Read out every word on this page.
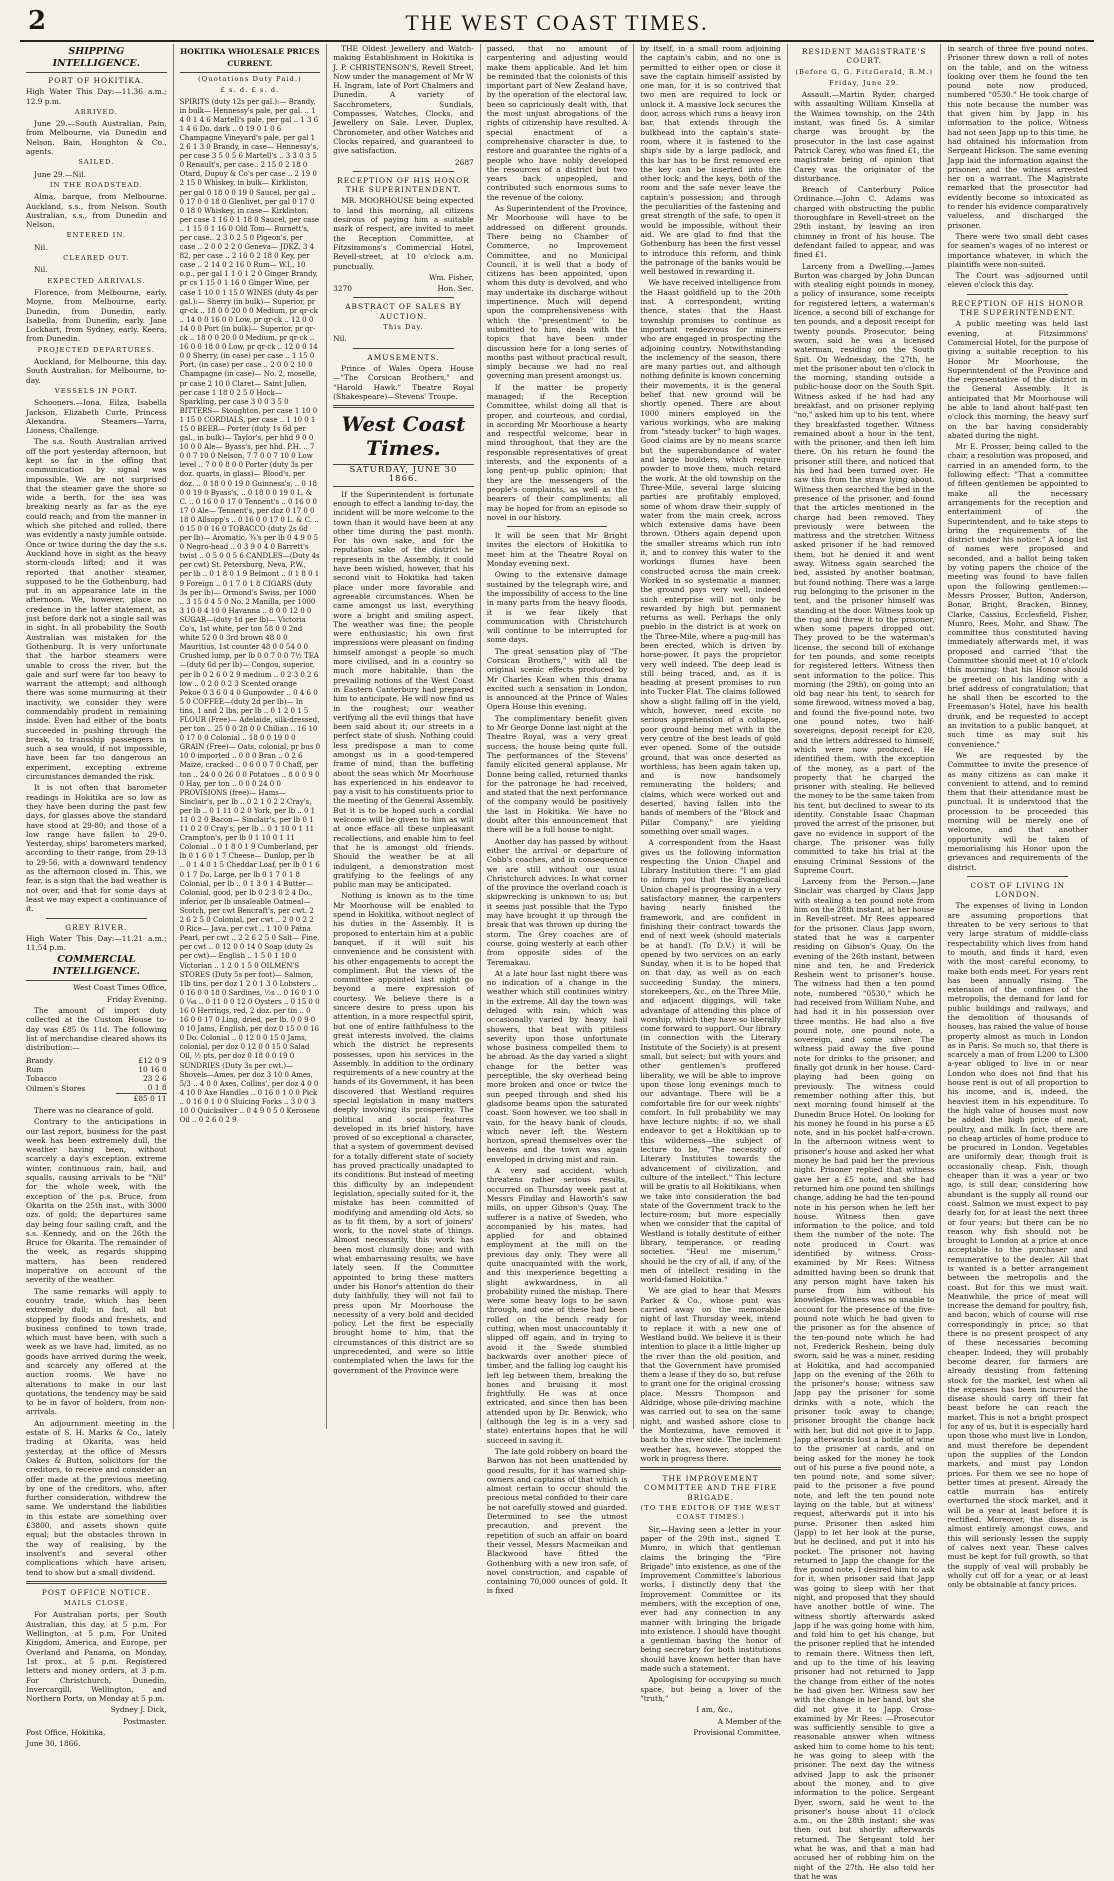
2	THE WEST COAST TIMES.
SHIPPING INTELLIGENCE.
PORT OF HOKITIKA.

High Water This Day:—11.36 a.m.; 12.9 p.m.

ARRIVED.

June 29.—South Australian, Pain, from Melbourne, via Dunedin and Nelson. Bain, Houghton & Co., agents.

SAILED.

June 29.—Nil.

IN THE ROADSTEAD.

Alma, barque, from Melbourne. Auckland, s.s., from Nelson. South Australian, s.s., from Dunedin and Nelson.

ENTERED IN.

Nil.

CLEARED OUT.

Nil.

EXPECTED ARRIVALS.

Florence, from Melbourne, early. Moyne, from Melbourne, early. Dunedin, from Dunedin, early. Isabella, from Dunedin, early. Jane Lockhart, from Sydney, early. Keera, from Dunedin.

PROJECTED DEPARTURES.

Auckland, for Melbourne, this day. South Australian, for Melbourne, to-day.

VESSELS IN PORT.

Schooners.—Iona, Eilza, Isabella Jackson, Elizabeth Curle, Princess Alexandra. Steamers—Yarra, Lioness, Challenge.

The s.s. South Australian arrived off the port yesterday afternoon, but kept so far in the offing that communication by signal was impossible. We are not surprised that the steamer gave the shore so wide a berth, for the sea was breaking nearly as far as the eye could reach; and from the manner in which she pitched and rolled, there was evidently a nasty jumble outside. Once or twice during the day the s.s. Auckland hove in sight as the heavy storm-clouds lifted; and it was reported that another steamer, supposed to be the Gothenburg, had put in an appearance late in the afternoon. We, however, place no credence in the latter statement, as just before dark not a single sail was in sight. In all probability the South Australian was mistaken for the Gothenburg. It is very unfortunate that the harbor steamers were unable to cross the river, but the gale and surf were far too heavy to warrant the attempt; and although there was some murmuring at their inactivity, we consider they were commendably prudent in remaining inside. Even had either of the boats succeeded in pushing through the break, to transship passengers in such a sea would, if not impossible, have been far too dangerous an experiment, excepting extreme circumstances demanded the risk.

It is not often that barometer readings in Hokitika are so low as they have been during the past few days, for glasses above the standard have stood at 29·80; and those of a low range have fallen to 29·0. Yesterday, ships' barometers marked, according to their range, from 29·13 to 29·56, with a downward tendency as the afternoon closed in. This, we fear, is a sign that the bad weather is not over, and that for some days at least we may expect a continuance of it.

GREY RIVER.

High Water This Day:—11.21 a.m.; 11.54 p.m.

COMMERCIAL INTELLIGENCE.

West Coast Times Office,

Friday Evening.

The amount of import duty collected at the Custom House to-day was £85 0s 11d. The following list of merchandise cleared shows its distribution:—

Brandy	£12 0 9
Rum	10 16 0
Tobacco	23 2 6
Oilmen's Stores	0 1 8
	£85 0 11

There was no clearance of gold.

Contrary to the anticipations in our last report, business for the past week has been extremely dull, the weather having been, without scarcely a day's exception, extreme winter, continuous rain, hail, and squalls, causing arrivals to be "Nil" for the whole week, with the exception of the p.s. Bruce, from Okarita on the 25th inst., with 3000 ozs. of gold; the departures same day being four sailing craft, and the s.s. Kennedy, and on the 26th the Bruce for Okarita. The remainder of the week, as regards shipping matters, has been rendered inoperative on account of the severity of the weather.

The same remarks will apply to country trade, which has been extremely dull; in fact, all but stopped by floods and freshets, and business confined to town trade, which must have been, with such a week as we have had, limited, as no goods have arrived during the week, and scarcely any offered at the auction rooms. We have no alterations to make in our last quotations, the tendency may be said to be in favor of holders, from non-arrivals.

An adjournment meeting in the estate of S. H. Marks & Co., lately trading at Okarita, was held yesterday, at the office of Messrs Oakes & Button, solicitors for the creditors, to receive and consider an offer made at the previous meeting by one of the creditors, who, after further consideration, withdrew the same. We understand the liabilities in this estate are something over £3800, and assets shown quite equal; but the obstacles thrown in the way of realising, by the insolvent's and several other complications which have arisen, tend to show but a small dividend.

POST OFFICE NOTICE.
MAILS CLOSE.

For Australian ports, per South Australian, this day, at 5 p.m. For Wellington, at 5 p.m. For United Kingdom, America, and Europe, per Overland and Panama, on Monday, 1st prox., at 5 p.m. Registered letters and money orders, at 3 p.m. For Christchurch, Dunedin, Invercargill, Wellington, and Northern Ports, on Monday at 5 p.m.

Sydney J. Dick,

Postmaster.

Post Office, Hokitika,

June 30, 1866.

HOKITIKA WHOLESALE PRICES CURRENT.
(Quotations Duty Paid.)
£ s. d. £ s. d.

SPIRITS (duty 12s per gal.):— Brandy, in bulk— Hennessy's pale, per gal. .. 1 4 0 1 4 6 Martell's pale, per gal .. 1 3 6 1 4 6 Do. dark .. 0 19 0 1 0 6 Champagne Vineyard's pale, per gal 1 2 6 1 3 0 Brandy, in case— Hennessy's, per case 3 5 0 5 6 Martell's .. 3 3 0 3 5 0 Renault's, per case.. 2 15 0 2 18 0 Otard, Dupuy & Co's per case .. 2 19 0 2 15 0 Whiskey, in bulk— Kirkliston, per gal 0 18 0 0 19 0 Saucel, per gal .. 0 17 0 0 18 0 Glenlivet, per gal 0 17 0 0 18 0 Whiskey, in case— Kirkliston, per case 1 16 0 1 18 0 Saucel, per case .. 1 15 0 1 16 0 Old Tom— Burnett's, per case.. 2 3 0 2 5 0 Pigeon's, per case .. 2 0 0 2 2 0 Geneva— JDKZ, 3 4 82, per case .. 2 16 0 2 18 0 Key, per case .. 2 14 0 2 16 0 Rum— W.I., 10 o.p., per gal 1 1 0 1 2 0 Ginger Brandy, pr cs 1 15 0 1 16 0 Ginger Wine, per case 1 10 0 1 15 0 WINES (duty 4s per gal.):— Sherry (in bulk)— Superior, pr qr-ck .. 18 0 0 20 0 0 Medium, pr qr-ck .. 14 0 0 16 0 0 Low, pr qr-ck .. 12 0 0 14 0 0 Port (in bulk)— Superior, pr qr-ck .. 18 0 0 20 0 0 Medium, pr qr-ck .. 16 0 0 18 0 0 Low, pr qr-ck .. 12 0 0 14 0 0 Sherry, (in case) per case .. 1 15 0 Port, (in case) per case .. 2 0 0 2 10 0 Champagne (in case)— No. 2, moselle, pr case 2 10 0 Claret— Saint Julien, per case 1 18 0 2 5 0 Hock— Sparkling, per case 3 0 0 3 5 0 BITTERS— Stoughton, per case 1 10 0 1 15 0 CORDIALS, per case .. 1 10 0 1 15 0 BEER— Porter (duty 1s 6d per gal., in bulk)— Taylor's, per hhd 9 0 0 10 0 0 Ale— Byass's, per hhd. P.H. .. 7 0 0 7 10 0 Nelson, 7 7 0 0 7 10 0 Low level .. 7 0 0 8 0 0 Porter (duty 3s per doz. quarts, in glass)— Blood's, per doz. .. 0 18 0 0 19 0 Guinness's, .. 0 18 0 0 19 0 Byass's, .. 0 18 0 0 19 0 L. & C. .. 0 16 0 0 17 0 Tennent's .. 0 16 0 0 17 0 Ale— Tennent's, per doz 0 17 0 0 18 0 Allsopp's .. 0 16 0 0 17 0 L. & C. .. 0 15 0 0 16 0 TOBACCO (duty 2s 6d per lb)— Aromatic, ¾'s per lb 0 4 9 0 5 0 Negro-head .. 0 3 9 0 4 0 Barrett's twist .. 0 5 0 0 5 6 CANDLES—(Duty 4s per cwt) St. Petersburg, Neva, P.W., per lb .. 0 1 8 0 1 9 Belmont .. 0 1 8 0 1 9 Foreign .. 0 1 7 0 1 8 CIGARS (duty 3s per lb)— Ormond's Swiss, per 1000 .. 3 15 0 4 5 0 No. 2 Manilla, per 1000 3 10 0 4 10 0 Havanna .. 8 0 0 12 0 0 SUGAR—(duty 1d per lb)— Victoria Co's, 1st white, per ton 58 0 0 2nd white 52 0 0 3rd brown 48 0 0 Mauritius, 1st counter 48 0 0 54 0 0 Crushed lump, per lb 0 0 7 0 0 7½ TEA—(duty 6d per lb)— Congou, superior, per lb 0 2 6 0 2 9 medium .. 0 2 3 0 2 6 low .. 0 2 0 0 2 3 Scented orange Pekoe 0 3 6 0 4 0 Gunpowder .. 0 4 6 0 5 0 COFFEE—(duty 2d per lb)— In tins, 1 and 2 lbs, per lb .. 0 1 2 0 1 5 FLOUR (Free)— Adelaide, silk-dressed, per ton .. 25 0 0 28 0 0 Chilian .. 16 10 0 17 0 0 Colonial .. 18 0 0 19 0 0 GRAIN (Free)— Oats, colonial, pr bus 0 10 0 imported .. 0 0 0 Bran .. 0 2 6 Maize, cracked .. 0 6 0 0 7 0 Chaff, per ton .. 24 0 0 26 0 0 Potatoes .. 8 0 0 9 0 0 Hay, per ton .. 0 0 0 24 0 0 PROVISIONS (free)— Hams— Sinclair's, per lb .. 0 2 1 0 2 2 Cray's, per lb .. 0 1 11 0 2 0 York, per lb .. 0 1 11 0 2 0 Bacon— Sinclair's, per lb 0 1 11 0 2 0 Cray's, per lb .. 0 1 10 0 1 11 Crampton's, per lb 0 1 10 0 1 11 Colonial .. 0 1 8 0 1 9 Cumberland, per lb 0 1 6 0 1 7 Cheese— Dunlop, per lb .. 0 1 4 0 1 5 Cheddar Loaf, per lb 0 1 6 0 1 7 Do. Large, per lb 0 1 7 0 1 8 Colonial, per lb .. 0 1 3 0 1 4 Butter— Colonial, good, per lb 0 2 3 0 2 4 Do., inferior, per lb unsaleable Oatmeal— Scotch, per cwt Bencraft's, per cwt. 2 2 6 2 5 0 Colonial, per cwt .. 2 0 0 2 2 0 Rice— Java, per cwt .. 1 10 0 Patna Pearl, per cwt .. 2 2 6 2 5 0 Salt— Fine, per cwt .. 0 12 0 0 14 0 Soap (duty 2s per cwt)— English .. 1 5 0 1 10 0 Victorian .. 1 2 0 1 5 0 OILMEN'S STORES (Duty 5s per foot)— Salmon, 1lb tins, per doz 1 2 0 1 3 0 Lobsters .. 0 16 0 0 18 0 Sardines, ½s .. 0 16 0 1 0 0 ¼s .. 0 11 0 0 12 0 Oysters .. 0 15 0 0 16 0 Herrings, red, 2 doz. per tin .. 0 16 0 0 17 0 Ling, dried, per lb. 0 0 9 0 0 10 Jams, English, per doz 0 15 0 0 16 0 Do. Colonial .. 0 12 0 0 15 0 Jams, colonial, per doz 0 12 0 0 15 0 Salad Oil, ½ pts, per doz 0 18 0 0 19 0 SUNDRIES (Duty 3s per cwt.)— Shovels—Ames, per doz 3 10 0 Ames, 5/3 .. 4 0 0 Axes, Collins', per doz 4 0 0 4 10 0 Axe Handles .. 0 16 0 1 0 0 Pick .. 0 16 0 1 0 0 Sluicing Forks .. 3 0 0 3 10 0 Quicksilver .. 0 4 9 0 5 0 Kerosene Oil .. 0 2 6 0 2 9

THE Oldest Jewellery and Watch-making Establishment in Hokitika is J. P. CHRISTENSON'S, Revell Street, Now under the management of Mr W H. Ingram, late of Port Chalmers and Dunedin. A variety of Sacchrometers, Sundials, Compasses, Watches, Clocks, and Jewellery on Sale. Lever, Duplex, Chronometer, and other Watches and Clocks repaired, and guaranteed to give satisfaction.

2687

RECEPTION OF HIS HONOR THE SUPERINTENDENT.

MR. MOORHOUSE being expected to land this morning, all citizens desirous of paying him a suitable mark of respect, are invited to meet the Reception Committee, at Fitzsimmons's Commercial Hotel, Revell-street, at 10 o'clock a.m. punctually.

Wm. Fisher,

3270	Hon. Sec.
ABSTRACT OF SALES BY AUCTION.
This Day.

Nil.

AMUSEMENTS.

Prince of Wales Opera House—"The Corsican Brothers," and "Harold Hawk." Theatre Royal (Shakespeare)—Stevens' Troupe.

West Coast Times.
SATURDAY, JUNE 30 1866.

If the Superintendent is fortunate enough to effect a landing to-day, the incident will be more welcome to the town than it would have been at any other time during the past month. For his own sake, and for the reputation sake of the district he represents in the Assembly, it could have been wished, however, that his second visit to Hokitika had taken place under more favorable and agreeable circumstances. When he came amongst us last, everything wore a bright and smiling aspect. The weather was fine; the people were enthusiastic; his own first impressions were pleasant on finding himself amongst a people so much more civilised, and in a country so much more habitable, than the prevailing notions of the West Coast in Eastern Canterbury had prepared him to anticipate. He will now find us in the roughest; our weather verifying all the evil things that have been said about it; our streets in a perfect state of slush. Nothing could less predispose a man to come amongst us in a good-tempered frame of mind, than the buffeting about the seas which Mr Moorhouse has experienced in his endeavor to pay a visit to his constituents prior to the meeting of the General Assembly. But it is to be hoped such a cordial welcome will be given to him as will at once efface all these unpleasant recollections, and enable him to feel that he is amongst old friends. Should the weather be at all indulgent, a demonstration most gratifying to the feelings of any public man may be anticipated.

Nothing is known as to the time Mr Moorhouse will be enabled to spend in Hokitika, without neglect of his duties in the Assembly. It is proposed to entertain him at a public banquet, if it will suit his convenience and be consistent with his other engagements to accept the compliment. But the views of the committee appointed last night go beyond a mere expression of courtesy. We believe there is a sincere desire to press upon his attention, in a more respectful spirit, but one of entire faithfulness to the great interests involved, the claims which the district he represents possesses, upon his services in the Assembly. In addition to the ordinary requirements of a new country at the hands of its Government, it has been discovered that Westland requires special legislation in many matters deeply involving its prosperity. The political and social features developed in its brief history, have proved of so exceptional a character, that a system of government devised for a totally different state of society has proved practically unadapted to its conditions. But instead of meeting this difficulty by an independent legislation, specially suited for it, the mistake has been committed of modifying and amending old Acts, so as to fit them, by a sort of joiners' work, to the novel state of things. Almost necessarily, this work has been most clumsily done; and with what embarrassing results, we have lately seen. If the Committee appointed to bring these matters under his Honor's attention do their duty faithfully, they will not fail to press upon Mr Moorhouse the necessity of a very bold and decided policy. Let the first be especially brought home to him, that the circumstances of this district are so unprecedented, and were so little contemplated when the laws for the government of the Province were

passed, that no amount of carpentering and adjusting would make them applicable. And let him be reminded that the colonists of this important part of New Zealand have, by the operation of the electoral law, been so capriciously dealt with, that the most unjust abrogations of the rights of citizenship have resulted. A special enactment of a comprehensive character is due, to restore and guarantee the rights of a people who have nobly developed the resources of a district but two years back unpeopled, and contributed such enormous sums to the revenue of the colony.

As Superintendent of the Province, Mr Moorhouse will have to be addressed on different grounds. There being no Chamber of Commerce, no Improvement Committee, and no Municipal Council, it is well that a body of citizens has been appointed, upon whom this duty is devolved, and who may undertake its discharge without impertinence. Much will depend upon the comprehensiveness with which the "presentment" to be submitted to him, deals with the topics that have been under discussion here for a long series of months past without practical result, simply because we had no real governing man present amongst us.

If the matter be properly managed; if the Reception Committee, whilst doing all that is proper, and courteous, and cordial, in according Mr Moorhouse a hearty and respectful welcome, bear in mind throughout, that they are the responsible representatives of great interests, and the exponents of a long pent-up public opinion; that they are the messengers of the people's complaints, as well as the bearers of their compliments; all may be hoped for from an episode so novel in our history.

It will be seen that Mr Bright invites the electors of Hokitika to meet him at the Theatre Royal on Monday evening next.

Owing to the extensive damage sustained by the telegraph wire, and the impossibility of access to the line in many parts from the heavy floods, it is we fear likely that communication with Christchurch will continue to be interrupted for some days.

The great sensation play of "The Corsican Brothers," with all the original scenic effects produced by Mr Charles Kean when this drama excited such a sensation in London, is announced at the Prince of Wales Opera House this evening.

The complimentary benefit given to Mr George Donne last night at the Theatre Royal, was a very great success, the house being quite full. The performances of the Stevens' family elicited general applause. Mr Donne being called, returned thanks for the patronage he had received, and stated that the next performance of the company would be positively the last in Hokitika. We have no doubt after this announcement that there will be a full house to-night.

Another day has passed by without either the arrival or departure of Cobb's coaches, and in consequence we are still without our usual Christchurch advices. In what corner of the province the overland coach is skipwrecking is unknown to us; but it seems just possible that the Typo may have brought it up through the break that was thrown up during the storm. The Grey coaches are of course, going westerly at each other from opposite sides of the Teremakau.

At a late hour last night there was no indication of a change in the weather which still continues wintry in the extreme. All day the town was deluged with rain, which was occasionally varied by heavy hail showers, that beat with pitiless severity upon those unfortunate whose business compelled them to be abroad. As the day varied a slight change for the better was perceptible, the sky overhead being more broken and once or twice the sun peeped through and shed his gladsome beams upon the saturated coast. Soon however, we too shall in vain, for the heavy bank of clouds, which never left the Western horizon, spread themselves over the heavens and the town was again enveloped in driving mist and rain.

A very sad accident, which threatens rather serious results, occurred on Thursday week past at Messrs Findlay and Haworth's saw mills, on upper Gibson's Quay. The sufferer is a native of Sweden, who accompanied by his mates, had applied for and obtained employment at the mill on the previous day only. They were all quite unacquainted with the work, and this inexperience begetting a slight awkwardness, in all probability ruined the mishap. There were some heavy logs to be sawn through, and one of these had been rolled on the bench ready for cutting, when most unaccountably it slipped off again, and in trying to avoid it the Swede stumbled backwards over another piece of timber, and the falling log caught his left leg between them, breaking the bones and bruising it most frightfully. He was at once extricated, and since then has been attended upon by Dr. Benwick, who (although the leg is in a very sad state) entertains hopes that he will succeed in saving it.

The late gold robbery on board the Barwon has not been unattended by good results, for it has warned ship-owners and captains of that which is almost certain to occur should the precious metal confided to their care be not carefully stowed and guarded. Determined to see the utmost precaution, and prevent the repetition of such an affair on board their vessel, Messrs Macmeikan and Blackwood have fitted the Gothenburg with a new iron safe, of novel construction, and capable of containing 70,000 ounces of gold. It is fixed

by itself, in a small room adjoining the captain's cabin, and no one is permitted to either open or close it save the captain himself assisted by one man, for it is so contrived that two men are required to lock or unlock it. A massive lock secures the door, across which runs a heavy iron bar, that extends through the bulkhead into the captain's state-room, where it is fastened to the ship's side by a large padlock, and this bar has to be first removed ere the key can be inserted into the other lock; and the keys, both of the room and the safe never leave the captain's possession; and through the peculiarities of the fastening and great strength of the safe, to open it would be impossible, without their aid. We are glad to find that the Gothenburg has been the first vessel to introduce this reform, and think the patronage of the banks would be well bestowed in rewarding it.

We have received intelligence from the Haast goldfield up to the 20th inst. A correspondent, writing thence, states that the Haast township promises to continue as important rendezvous for miners who are engaged in prospecting the adjoining country. Notwithstanding the inclemency of the season, there are many parties out, and although nothing definite is known concerning their movements, it is the general belief that new ground will be shortly opened. There are about 1000 miners employed on the various workings, who are making from "steady tucker" to high wages. Good claims are by no means scarce but the superabundance of water and large boulders, which require powder to move them, much retard the work. At the old township on the Three-Mile, several large sluicing parties are profitably employed, some of whom draw their supply of water from the main creek, across which extensive dams have been thrown. Others again depend upon the smaller streams which run into it, and to convey this water to the workings flumes have been constructed across the main creek. Worked in so systematic a manner, the ground pays very well, indeed such enterprise will not only be rewarded by high but permanent returns as well. Perhaps the only pueblo in the district is at work on the Three-Mile, where a pug-mill has been erected, which is driven by horse-power. It pays the proprietor very well indeed. The deep lead is still being traced, and, as it is heading at present promises to run into Tucker Flat. The claims followed show a slight falling off in the yield, which, however, need excite no serious apprehension of a collapse, poor ground being met with in the very centre of the best leads of gold ever opened. Some of the outside ground, that was once deserted as worthless, has been again taken up, and is now handsomely remunerating the holders; and claims, which were worked out and deserted, having fallen into the hands of members of the "Block and Pillar Company," are yielding something over small wages.

A correspondent from the Haast gives us the following information respecting the Union Chapel and Library Institution there: "I am glad to inform you that the Evangelical Union chapel is progressing in a very satisfactory manner, the carpenters having nearly finished the framework, and are confident in finishing their contract towards the end of next week (should materials be at hand). (To D.V.) it will be opened by two services on an early Sunday, when it is to be hoped that on that day, as well as on each succeeding Sunday, the miners, storekeepers, &c., on the Three Mile, and adjacent diggings, will take advantage of attending this place of worship, which they have so liberally come forward to support. Our library (in connection with the Literary Institute of the Society) is at present small, but select; but with yours and other gentlemen's proffered liberality, we will be able to improve upon those long evenings much to our advantage. There will be a comfortable fire for our week nights' comfort. In full probability we may have lecture nights; if so, we shall endeavor to get a Hokitikian up to this wilderness—the subject of lecture to be, "The necessity of Literary Institutes towards the advancement of civilization, and culture of the intellect." This lecture will be gratis to all Hokitikians, when we take into consideration the bad state of the Government track to the lecture-room; but more especially when we consider that the capital of Westland is totally destitute of either library, temperance, or reading societies. "Heu! me miserum," should be the cry of all, if any, of the men of intellect residing in the world-famed Hokitika."

We are glad to hear that Messrs Parker & Co., whose punt was carried away on the memorable night of last Thursday week, intend to replace it with a new one of Westland build. We believe it is their intention to place it a little higher up the river than the old position, and that the Government have promised them a lease if they do so, but refuse to grant one for the original crossing place. Messrs Thompson and Aldridge, whose pile-driving machine was carried out to sea on the same night, and washed ashore close to the Montezuma, have removed it back to the river side. The inclement weather has, however, stopped the work in progress there.

THE IMPROVEMENT COMMITTEE AND THE FIRE BRIGADE.
(TO THE EDITOR OF THE WEST COAST TIMES.)

Sir,—Having seen a letter in your paper of the 29th inst., signed T. Munro, in which that gentleman claims the bringing the "Fire Brigade" into existence, as one of the Improvement Committee's laborious works, I distinctly deny that the Improvement Committee or its members, with the exception of one, ever had any connection in any manner with bringing the brigade into existence. I should have thought a gentleman having the honor of being secretary for both institutions should have known better than have made such a statement.

Apologising for occupying so much space, but being a lover of the "truth,"

I am, &c.,

A Member of the

Provisional Committee.

RESIDENT MAGISTRATE'S COURT.
(Before G. G. FitzGerald, R.M.)
Friday, June 29.

Assault.—Martin Ryder, charged with assaulting William Kinsella at the Waimea township, on the 24th instant, was fined 5s. A similar charge was brought by the prosecutor in the last case against Patrick Carey, who was fined £1, the magistrate being of opinion that Carey was the originator of the disturbance.

Breach of Canterbury Police Ordinance.—John C. Adams was charged with obstructing the public thoroughfare in Revell-street on the 29th instant, by leaving an iron chimney in front of his house. The defendant failed to appear, and was fined £1.

Larceny from a Dwelling.—James Burton was charged by John Duncan with stealing eight pounds in money, a policy of insurance, some receipts for registered letters, a waterman's licence, a second bill of exchange for ten pounds, and a deposit receipt for twenty pounds. Prosecutor, being sworn, said he was a licensed waterman, residing on the South Spit. On Wednesday, the 27th, he met the prisoner about ten o'clock in the morning, standing outside a public-house door on the South Spit. Witness asked if he had had any breakfast, and on prisoner replying "no," asked him up to his tent, where they breakfasted together. Witness remained about a hour in the tent, with the prisoner, and then left him there. On his return he found the prisoner still there, and noticed that his bed had been turned over. He saw this from the straw lying about. Witness then searched the bed in the presence of the prisoner, and found that the articles mentioned in the charge had been removed. They previously were between the mattress and the stretcher. Witness asked prisoner if he had removed them, but he denied it and went away. Witness again searched the bed, assisted by another boatman, but found nothing. There was a large rug belonging to the prisoner in the tent, and the prisoner himself was standing at the door. Witness took up the rug and threw it to the prisoner, when some papers dropped out. They proved to be the waterman's license, the second bill of exchange for ten pounds, and some receipts for registered letters. Witness then sent information to the police. This morning (the 29th), on going into an old bag near his tent, to search for some firewood, witness moved a bag, and found the five-pound note, two one pound notes, two half-sovereigns, deposit receipt for £20, and the letters addressed to himself, which were now produced. He identified them, with the exception of the money, as a part of the property that he charged the prisoner with stealing. He believed the money to be the same taken from his tent, but declined to swear to its identity. Constable Isaac Chapman proved the arrest of the prisoner, but gave no evidence in support of the charge. The prisoner was fully committed to take his trial at the ensuing Criminal Sessions of the Supreme Court.

Larceny from the Person.—Jane Sinclair was charged by Claus Japp with stealing a ten pound note from him on the 28th instant, at her house in Revell-street. Mr Rees appeared for the prisoner. Claus Japp sworn, stated that he was a carpenter residing on Gibson's Quay. On the evening of the 26th instant, between nine and ten, he and Frederick Reshein went to prisoner's house. The witness had then a ten pound note, numbered "0530," which he had received from William Nuhe, and had had it in his possession over three months. He had also a five pound note, one pound note, a sovereign, and some silver. The witness paid away the five pound note for drinks to the prisoner, and finally got drunk in her house. Card-playing had been going on previously. The witness could remember nothing after this, but next morning found himself at the Dunedin Bruce Hotel. On looking for his money he found in his purse a £5 note, and in his pocket half-a-crown. In the afternoon witness went to prisoner's house and asked her what money he had paid her the previous night. Prisoner replied that witness gave her a £5 note, and she had returned him one pound ten shillings change, adding he had the ten-pound note in his person when he left her house. Witness then gave information to the police, and told them the number of the note. The note produced in Court was identified by witness. Cross-examined by Mr Rees: Witness admitted having been so drunk that any person might have taken his purse from him without his knowledge. Witness was so unable to account for the presence of the five-pound note which he had given to the prisoner as for the absence of the ten-pound note which he had not. Frederick Reshein, being duly sworn, said he was a miner, residing at Hokitika, and had accompanied Japp on the evening of the 26th to the prisoner's house; witness saw Japp pay the prisoner for some drinks with a note, which the prisoner took away to change; prisoner brought the change back with her, but did not give it to Japp. Japp afterwards lost a bottle of wine to the prisoner at cards, and on being asked for the money he took out of his purse a five pound note, a ten pound note, and some silver; paid to the prisoner a five pound note, and left the ten pound note laying on the table, but at witness' request, afterwards put it into his purse. Prisoner then asked him (Japp) to let her look at the purse, but he declined, and put it into his pocket. The prisoner not having returned to Japp the change for the five pound note, I desired him to ask for it, when prisoner said that Japp was going to sleep with her that night, and proposed that they should have another bottle of wine. The witness shortly afterwards asked Japp if he was going home with him, and told him to get his change, but the prisoner replied that he intended to remain there. Witness then left, and up to the time of his leaving prisoner had not returned to Japp the change from either of the notes he had given her. Witness saw her with the change in her hand, but she did not give it to Japp. Cross-examined by Mr Rees: —Prosecutor was sufficiently sensible to give a reasonable answer when witness asked him to come home to his tent; he was going to sleep with the prisoner. The next day the witness advised Japp to ask the prisoner about the money, and to give information to the police. Sergeant Dyer, sworn, said he went to the prisoner's house about 11 o'clock a.m., on the 28th instant: she was then out but shortly afterwards returned. The Sergeant told her what he was, and that a man had accused her of robbing him on the night of the 27th. He also told her that he was

in search of three five pound notes. Prisoner threw down a roll of notes on the table, and on the witness looking over them he found the ten pound note now produced, numbered "0530." He took charge of this note because the number was that given him by Japp in his information to the police. Witness had not seen Japp up to this time, he had obtained his information from Sergeant Hickson. The same evening Japp laid the information against the prisoner, and the witness arrested her on a warrant. The Magistrate remarked that the prosecutor had evidently become so intoxicated as to render his evidence comparatively valueless, and discharged the prisoner.

There were two small debt cases for seamen's wages of no interest or importance whatever, in which the plaintiffs were non-suited.

The Court was adjourned until eleven o'clock this day.

RECEPTION OF HIS HONOR THE SUPERINTENDENT.

A public meeting was held last evening, at Fitzsimmons' Commercial Hotel, for the purpose of giving a suitable reception to his Honor Mr Moorhouse, the Superintendent of the Province and the representative of the district in the General Assembly. It is anticipated that Mr Moorhouse will be able to land about half-past ten o'clock this morning, the heavy surf on the bar having considerably abated during the night.

Mr E. Prosser, being called to the chair, a resolution was proposed, and carried in an amended form, to the following effect: "That a committee of fifteen gentlemen be appointed to make all the necessary arrangements for the reception and entertainment of the Superintendent, and to take steps to bring the requirements of the district under his notice." A long list of names were proposed and seconded, and a ballot being taken by voting papers the choice of the meeting was found to have fallen upon the following gentlemen:—Messrs Prosser, Button, Anderson, Bonar, Bright, Bracken, Binney, Clarke, Cassius, Ecclesfield, Fisher, Munro, Rees, Mohr, and Shaw. The committee thus constituted having immediately afterwards met, it was proposed and carried "that the Committee should meet at 10 o'clock this morning: that his Honor should be greeted on his landing with a brief address of congratulation; that he shall then be escorted to the Freemason's Hotel, have his health drunk, and be requested to accept an invitation to a public banquet, at such time as may suit his convenience."

We are requested by the Committee to invite the presence of as many citizens as can make it convenient to attend, and to remind them that their attendance must be punctual. It is understood that the procession to be proceeded this morning will be merely one of welcome, and that another opportunity will be taken of memorialising his Honor upon the grievances and requirements of the district.

COST OF LIVING IN LONDON.

The expenses of living in London are assuming proportions that threaten to be very serious to that very large stratum of middle-class respectability which lives from hand to mouth, and finds it hard, even with the most careful economy, to make both ends meet. For years rent has been annually rising. The extension of the confines of the metropolis, the demand for land for public buildings and railways, and the demolition of thousands of houses, has raised the value of house property almost as much in London as in Paris. So much so, that there is scarcely a man of from L200 to L300 a-year obliged to live in or near London who does not find that his house rent is out of all proportion to his income, and is, indeed, the heaviest item in his expenditure. To the high value of houses must now be added the high price of meat, poultry, and milk. In fact, there are no cheap articles of home produce to be procured in London. Vegetables are uniformly dear, though fruit is occasionally cheap. Fish, though cheaper than it was a year or two ago, is still dear, considering how abundant is the supply all round our coast. Salmon we must expect to pay dearly for, for at least the next three or four years; but there can be no reason why fish should not be brought to London at a price at once acceptable to the purchaser and remunerative to the dealer. All that is wanted is a better arrangement between the metropolis and the coast. But for this we must wait. Meanwhile, the price of meat will increase the demand for poultry, fish, and bacon, which of course will rise correspondingly in price; so that there is no present prospect of any of these necessaries becoming cheaper. Indeed, they will probably become dearer, for farmers are already desisting from fattening stock for the market, lest when all the expenses has been incurred the disease should carry off their fat beast before he can reach the market. This is not a bright prospect for any of us, but it is especially hard upon those who must live in London, and must therefore be dependent upon the supplies of the London markets, and must pay London prices. For them we see no hope of better times at present. Already the cattle murrain has entirely overturned the stock market, and it will be a year at least before it is rectified. Moreover, the disease is almost entirely amongst cows, and this will seriously lessen the supply of calves next year. These calves must be kept for full growth, so that the supply of veal will probably be wholly cut off for a year, or at least only be obtainable at fancy prices.
